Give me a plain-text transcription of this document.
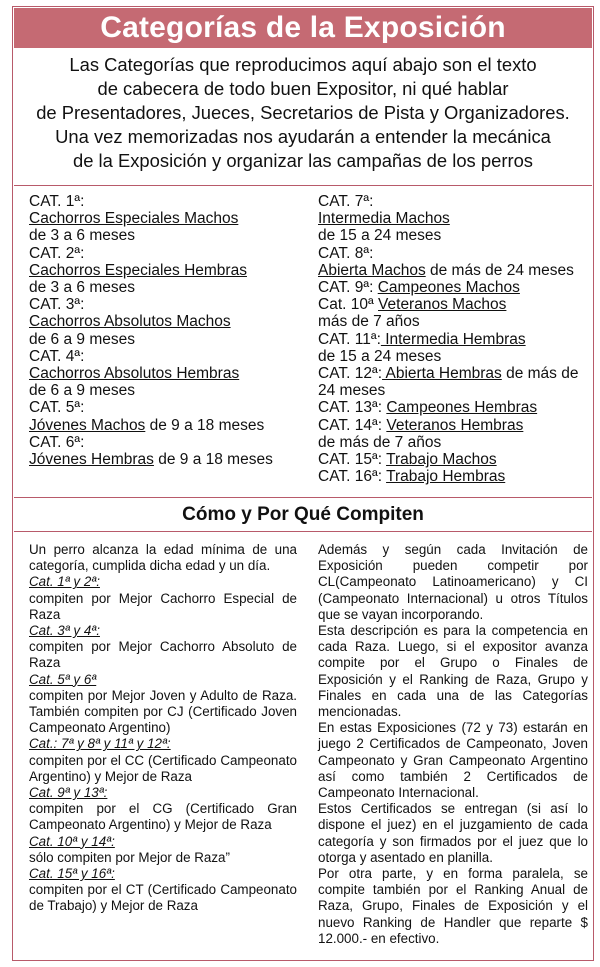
Categorías de la Exposición
Las Categorías que reproducimos aquí abajo son el texto
de cabecera de todo buen Expositor, ni qué hablar
de Presentadores, Jueces, Secretarios de Pista y Organizadores.
Una vez memorizadas nos ayudarán a entender la mecánica
de la Exposición y organizar las campañas de los perros
CAT. 1ª:
Cachorros Especiales Machos
de 3 a 6 meses
CAT. 2ª:
Cachorros Especiales Hembras
de 3 a 6 meses
CAT. 3ª:
Cachorros Absolutos Machos
de 6 a 9 meses
CAT. 4ª:
Cachorros Absolutos Hembras
de 6 a 9 meses
CAT. 5ª:
Jóvenes Machos de 9 a 18 meses
CAT. 6ª:
Jóvenes Hembras de 9 a 18 meses
CAT. 7ª:
Intermedia Machos
de 15 a 24 meses
CAT. 8ª:
Abierta Machos de más de 24 meses
CAT. 9ª: Campeones Machos
Cat. 10ª Veteranos Machos
más de 7 años
CAT. 11ª: Intermedia Hembras
de 15 a 24 meses
CAT. 12ª: Abierta Hembras de más de
24 meses
CAT. 13ª: Campeones Hembras
CAT. 14ª: Veteranos Hembras
de más de 7 años
CAT. 15ª: Trabajo Machos
CAT. 16ª: Trabajo Hembras
Cómo y Por Qué Compiten

Un perro alcanza la edad mínima de una categoría, cumplida dicha edad y un día.

Cat. 1ª y 2ª:

compiten por Mejor Cachorro Especial de Raza

Cat. 3ª y 4ª:

compiten por Mejor Cachorro Absoluto de Raza

Cat. 5ª y 6ª

compiten por Mejor Joven y Adulto de Raza. También compiten por CJ (Certificado Joven Campeonato Argentino)

Cat.: 7ª y 8ª y 11ª y 12ª:

compiten por el CC (Certificado Campeonato Argentino) y Mejor de Raza

Cat. 9ª y 13ª:

compiten por el CG (Certificado Gran Campeonato Argentino) y Mejor de Raza

Cat. 10ª y 14ª:

sólo compiten por Mejor de Raza”

Cat. 15ª y 16ª:

compiten por el CT (Certificado Campeonato de Trabajo) y Mejor de Raza

Además y según cada Invitación de Exposición pueden competir por CL(Campeonato Latinoamericano) y CI (Campeonato Internacional) u otros Títulos que se vayan incorporando.

Esta descripción es para la competencia en cada Raza. Luego, si el expositor avanza compite por el Grupo o Finales de Exposición y el Ranking de Raza, Grupo y Finales en cada una de las Categorías mencionadas.

En estas Exposiciones (72 y 73) estarán en juego 2 Certificados de Campeonato, Joven Campeonato y Gran Campeonato Argentino así como también 2 Certificados de Campeonato Internacional.

Estos Certificados se entregan (si así lo dispone el juez) en el juzgamiento de cada categoría y son firmados por el juez que lo otorga y asentado en planilla.

Por otra parte, y en forma paralela, se compite también por el Ranking Anual de Raza, Grupo, Finales de Exposición y el nuevo Ranking de Handler que reparte $ 12.000.- en efectivo.
